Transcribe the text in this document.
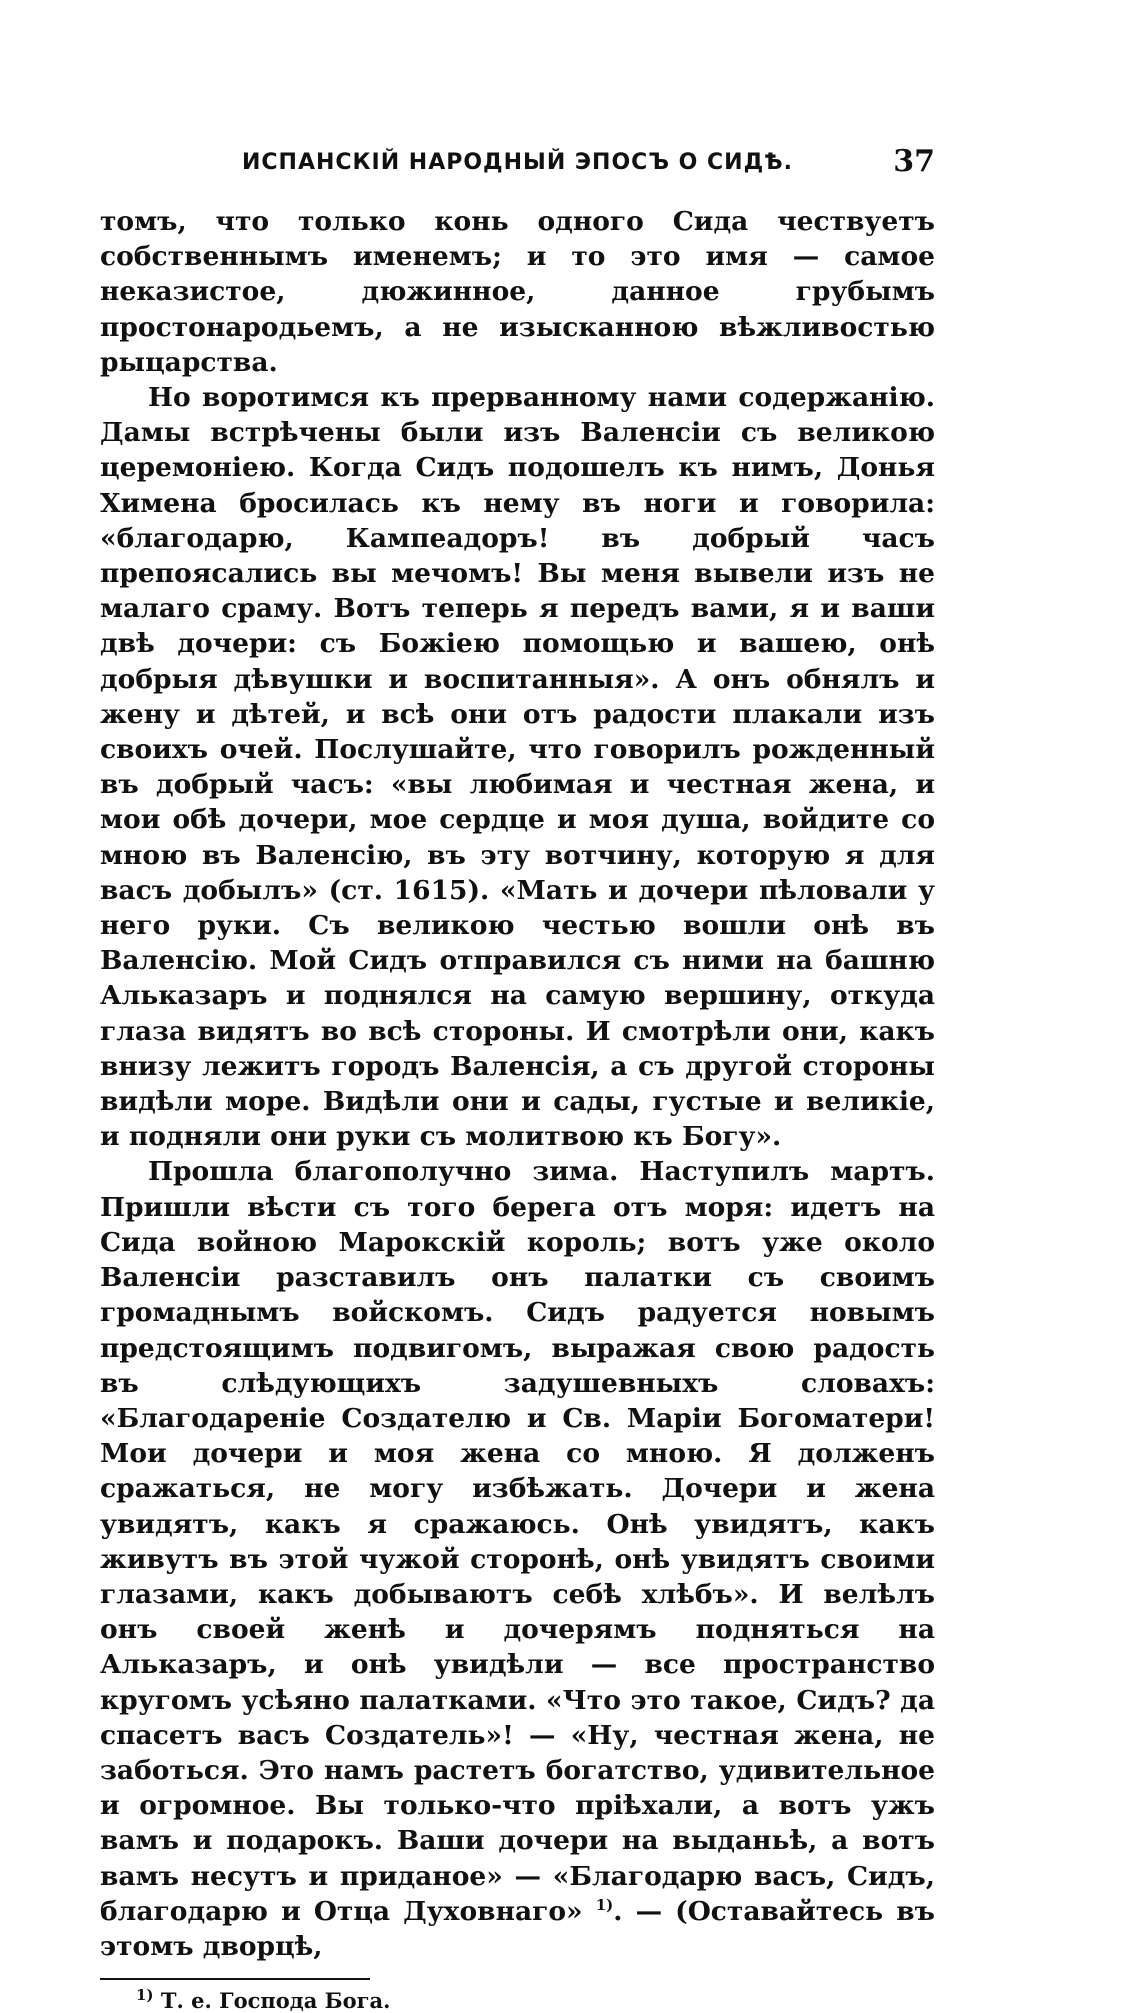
ИСПАНСКІЙ НАРОДНЫЙ ЭПОСЪ О СИДѢ.	37

томъ, что только конь одного Сида чествуетъ собственнымъ именемъ; и то это имя — самое неказистое, дюжинное, данное грубымъ простонародьемъ, а не изысканною вѣжливостью рыцарства.

Но воротимся къ прерванному нами содержанію. Дамы встрѣчены были изъ Валенсіи съ великою церемоніею. Когда Сидъ подошелъ къ нимъ, Донья Химена бросилась къ нему въ ноги и говорила: «благодарю, Кампеадоръ! въ добрый часъ препоясались вы мечомъ! Вы меня вывели изъ не малаго сраму. Вотъ теперь я передъ вами, я и ваши двѣ дочери: съ Божіею помощью и вашею, онѣ добрыя дѣвушки и воспитанныя». А онъ обнялъ и жену и дѣтей, и всѣ они отъ радости плакали изъ своихъ очей. Послушайте, что говорилъ рожденный въ добрый часъ: «вы любимая и честная жена, и мои обѣ дочери, мое сердце и моя душа, войдите со мною въ Валенсію, въ эту вотчину, которую я для васъ добылъ» (ст. 1615). «Мать и дочери пѣловали у него руки. Съ великою честью вошли онѣ въ Валенсію. Мой Сидъ отправился съ ними на башню Альказаръ и поднялся на самую вершину, откуда глаза видятъ во всѣ стороны. И смотрѣли они, какъ внизу лежитъ городъ Валенсія, а съ другой стороны видѣли море. Видѣли они и сады, густые и великіе, и подняли они руки съ молитвою къ Богу».

Прошла благополучно зима. Наступилъ мартъ. Пришли вѣсти съ того берега отъ моря: идетъ на Сида войною Марокскій король; вотъ уже около Валенсіи разставилъ онъ палатки съ своимъ громаднымъ войскомъ. Сидъ радуется новымъ предстоящимъ подвигомъ, выражая свою радость въ слѣдующихъ задушевныхъ словахъ: «Благодареніе Создателю и Св. Маріи Богоматери! Мои дочери и моя жена со мною. Я долженъ сражаться, не могу избѣжать. Дочери и жена увидятъ, какъ я сражаюсь. Онѣ увидятъ, какъ живутъ въ этой чужой сторонѣ, онѣ увидятъ своими глазами, какъ добываютъ себѣ хлѣбъ». И велѣлъ онъ своей женѣ и дочерямъ подняться на Альказаръ, и онѣ увидѣли — все пространство кругомъ усѣяно палатками. «Что это такое, Сидъ? да спасетъ васъ Создатель»! — «Ну, честная жена, не заботься. Это намъ растетъ богатство, удивительное и огромное. Вы только-что пріѣхали, а вотъ ужъ вамъ и подарокъ. Ваши дочери на выданьѣ, а вотъ вамъ несутъ и приданое» — «Благодарю васъ, Сидъ, благодарю и Отца Духовнаго» $^{1)}$. — (Оставайтесь въ этомъ дворцѣ,

$^{1)}$ Т. е. Господа Бога.
